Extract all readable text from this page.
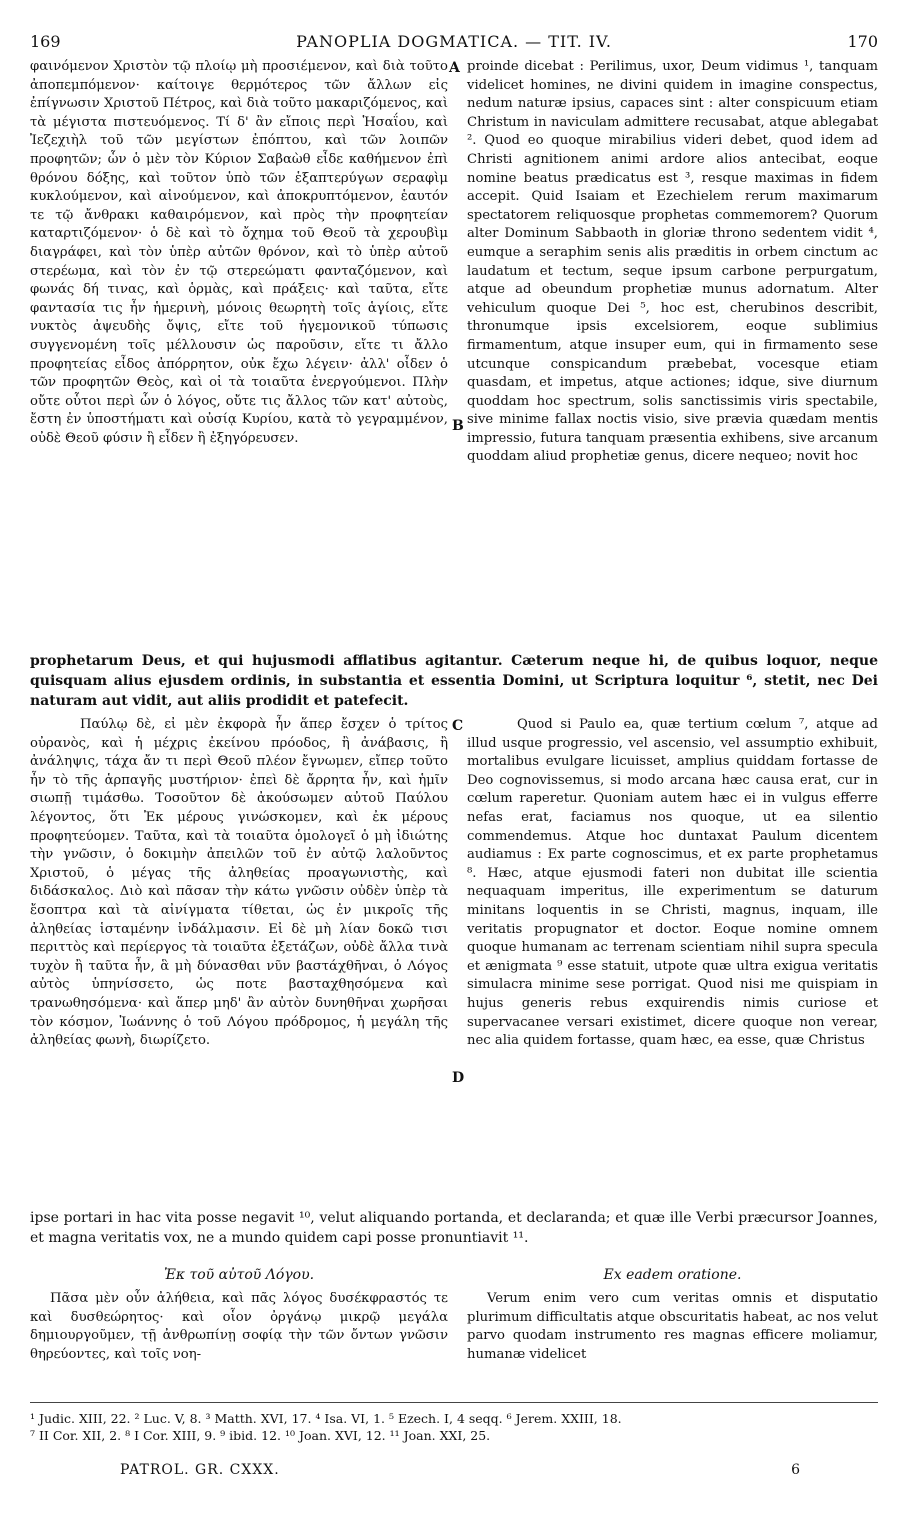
169	PANOPLIA DOGMATICA. — TIT. IV.	170

φαινόμενον Χριστὸν τῷ πλοίῳ μὴ προσιέμενον, καὶ διὰ τοῦτο ἀποπεμπόμενον· καίτοιγε θερμότερος τῶν ἄλλων εἰς ἐπίγνωσιν Χριστοῦ Πέτρος, καὶ διὰ τοῦτο μακαριζόμενος, καὶ τὰ μέγιστα πιστευόμενος. Τί δ' ἂν εἴποις περὶ Ἡσαΐου, καὶ Ἰεζεχιὴλ τοῦ τῶν μεγίστων ἐπόπτου, καὶ τῶν λοιπῶν προφητῶν; ὧν ὁ μὲν τὸν Κύριον Σαβαὼθ εἶδε καθήμενον ἐπὶ θρόνου δόξης, καὶ τοῦτον ὑπὸ τῶν ἑξαπτερύγων σεραφὶμ κυκλούμενον, καὶ αἰνούμενον, καὶ ἀποκρυπτόμενον, ἑαυτόν τε τῷ ἄνθρακι καθαιρόμενον, καὶ πρὸς τὴν προφητείαν καταρτιζόμενον· ὁ δὲ καὶ τὸ ὄχημα τοῦ Θεοῦ τὰ χερουβὶμ διαγράφει, καὶ τὸν ὑπὲρ αὐτῶν θρόνον, καὶ τὸ ὑπὲρ αὐτοῦ στερέωμα, καὶ τὸν ἐν τῷ στερεώματι φανταζόμενον, καὶ φωνάς δή τινας, καὶ ὁρμὰς, καὶ πράξεις· καὶ ταῦτα, εἴτε φαντασία τις ἦν ἡμερινὴ, μόνοις θεωρητὴ τοῖς ἁγίοις, εἴτε νυκτὸς ἀψευδὴς ὄψις, εἴτε τοῦ ἡγεμονικοῦ τύπωσις συγγενομένη τοῖς μέλλουσιν ὡς παροῦσιν, εἴτε τι ἄλλο προφητείας εἶδος ἀπόρρητον, οὐκ ἔχω λέγειν· ἀλλ' οἶδεν ὁ τῶν προφητῶν Θεὸς, καὶ οἱ τὰ τοιαῦτα ἐνεργούμενοι. Πλὴν οὔτε οὗτοι περὶ ὧν ὁ λόγος, οὔτε τις ἄλλος τῶν κατ' αὐτοὺς, ἔστη ἐν ὑποστήματι καὶ οὐσίᾳ Κυρίου, κατὰ τὸ γεγραμμένον, οὐδὲ Θεοῦ φύσιν ἢ εἶδεν ἢ ἐξηγόρευσεν.

proinde dicebat : Perilimus, uxor, Deum vidimus ¹, tanquam videlicet homines, ne divini quidem in imagine conspectus, nedum naturæ ipsius, capaces sint : alter conspicuum etiam Christum in naviculam admittere recusabat, atque ablegabat ². Quod eo quoque mirabilius videri debet, quod idem ad Christi agnitionem animi ardore alios antecibat, eoque nomine beatus prædicatus est ³, resque maximas in fidem accepit. Quid Isaiam et Ezechielem rerum maximarum spectatorem reliquosque prophetas commemorem? Quorum alter Dominum Sabbaoth in gloriæ throno sedentem vidit ⁴, eumque a seraphim senis alis præditis in orbem cinctum ac laudatum et tectum, seque ipsum carbone perpurgatum, atque ad obeundum prophetiæ munus adornatum. Alter vehiculum quoque Dei ⁵, hoc est, cherubinos describit, thronumque ipsis excelsiorem, eoque sublimius firmamentum, atque insuper eum, qui in firmamento sese utcunque conspicandum præbebat, vocesque etiam quasdam, et impetus, atque actiones; idque, sive diurnum quoddam hoc spectrum, solis sanctissimis viris spectabile, sive minime fallax noctis visio, sive prævia quædam mentis impressio, futura tanquam præsentia exhibens, sive arcanum quoddam aliud prophetiæ genus, dicere nequeo; novit hoc

A
B

prophetarum Deus, et qui hujusmodi afflatibus agitantur. Cæterum neque hi, de quibus loquor, neque quisquam alius ejusdem ordinis, in substantia et essentia Domini, ut Scriptura loquitur ⁶, stetit, nec Dei naturam aut vidit, aut aliis prodidit et patefecit.

Παύλῳ δὲ, εἰ μὲν ἐκφορὰ ἦν ἅπερ ἔσχεν ὁ τρίτος οὐρανὸς, καὶ ἡ μέχρις ἐκείνου πρόοδος, ἢ ἀνάβασις, ἢ ἀνάληψις, τάχα ἄν τι περὶ Θεοῦ πλέον ἔγνωμεν, εἴπερ τοῦτο ἦν τὸ τῆς ἁρπαγῆς μυστήριον· ἐπεὶ δὲ ἄρρητα ἦν, καὶ ἡμῖν σιωπῇ τιμάσθω. Τοσοῦτον δὲ ἀκούσωμεν αὐτοῦ Παύλου λέγοντος, ὅτι Ἐκ μέρους γινώσκομεν, καὶ ἐκ μέρους προφητεύομεν. Ταῦτα, καὶ τὰ τοιαῦτα ὁμολογεῖ ὁ μὴ ἰδιώτης τὴν γνῶσιν, ὁ δοκιμὴν ἀπειλῶν τοῦ ἐν αὐτῷ λαλοῦντος Χριστοῦ, ὁ μέγας τῆς ἀληθείας προαγωνιστὴς, καὶ διδάσκαλος. Διὸ καὶ πᾶσαν τὴν κάτω γνῶσιν οὐδὲν ὑπὲρ τὰ ἔσοπτρα καὶ τὰ αἰνίγματα τίθεται, ὡς ἐν μικροῖς τῆς ἀληθείας ἱσταμένην ἰνδάλμασιν. Εἰ δὲ μὴ λίαν δοκῶ τισι περιττὸς καὶ περίεργος τὰ τοιαῦτα ἐξετάζων, οὐδὲ ἄλλα τινὰ τυχὸν ἢ ταῦτα ἦν, ἃ μὴ δύνασθαι νῦν βαστάχθῆναι, ὁ Λόγος αὐτὸς ὑπηνίσσετο, ὡς ποτε βασταχθησόμενα καὶ τρανωθησόμενα· καὶ ἅπερ μηδ' ἂν αὐτὸν δυνηθῆναι χωρῆσαι τὸν κόσμον, Ἰωάννης ὁ τοῦ Λόγου πρόδρομος, ἡ μεγάλη τῆς ἀληθείας φωνὴ, διωρίζετο.

Quod si Paulo ea, quæ tertium cœlum ⁷, atque ad illud usque progressio, vel ascensio, vel assumptio exhibuit, mortalibus evulgare licuisset, amplius quiddam fortasse de Deo cognovissemus, si modo arcana hæc causa erat, cur in cœlum raperetur. Quoniam autem hæc ei in vulgus efferre nefas erat, faciamus nos quoque, ut ea silentio commendemus. Atque hoc duntaxat Paulum dicentem audiamus : Ex parte cognoscimus, et ex parte prophetamus ⁸. Hæc, atque ejusmodi fateri non dubitat ille scientia nequaquam imperitus, ille experimentum se daturum minitans loquentis in se Christi, magnus, inquam, ille veritatis propugnator et doctor. Eoque nomine omnem quoque humanam ac terrenam scientiam nihil supra specula et ænigmata ⁹ esse statuit, utpote quæ ultra exigua veritatis simulacra minime sese porrigat. Quod nisi me quispiam in hujus generis rebus exquirendis nimis curiose et supervacanee versari existimet, dicere quoque non verear, nec alia quidem fortasse, quam hæc, ea esse, quæ Christus

C
D

ipse portari in hac vita posse negavit ¹⁰, velut aliquando portanda, et declaranda; et quæ ille Verbi præcursor Joannes, et magna veritatis vox, ne a mundo quidem capi posse pronuntiavit ¹¹.

Ἐκ τοῦ αὐτοῦ Λόγου.	Ex eadem oratione.

Πᾶσα μὲν οὖν ἀλήθεια, καὶ πᾶς λόγος δυσέκφραστός τε καὶ δυσθεώρητος· καὶ οἷον ὀργάνῳ μικρῷ μεγάλα δημιουργοῦμεν, τῇ ἀνθρωπίνῃ σοφίᾳ τὴν τῶν ὄντων γνῶσιν θηρεύοντες, καὶ τοῖς νοη-

Verum enim vero cum veritas omnis et disputatio plurimum difficultatis atque obscuritatis habeat, ac nos velut parvo quodam instrumento res magnas efficere moliamur, humanæ videlicet

¹ Judic. XIII, 22. ² Luc. V, 8. ³ Matth. XVI, 17. ⁴ Isa. VI, 1. ⁵ Ezech. I, 4 seqq. ⁶ Jerem. XXIII, 18.
⁷ II Cor. XII, 2. ⁸ I Cor. XIII, 9. ⁹ ibid. 12. ¹⁰ Joan. XVI, 12. ¹¹ Joan. XXI, 25.
PATROL. GR. CXXX.	6
